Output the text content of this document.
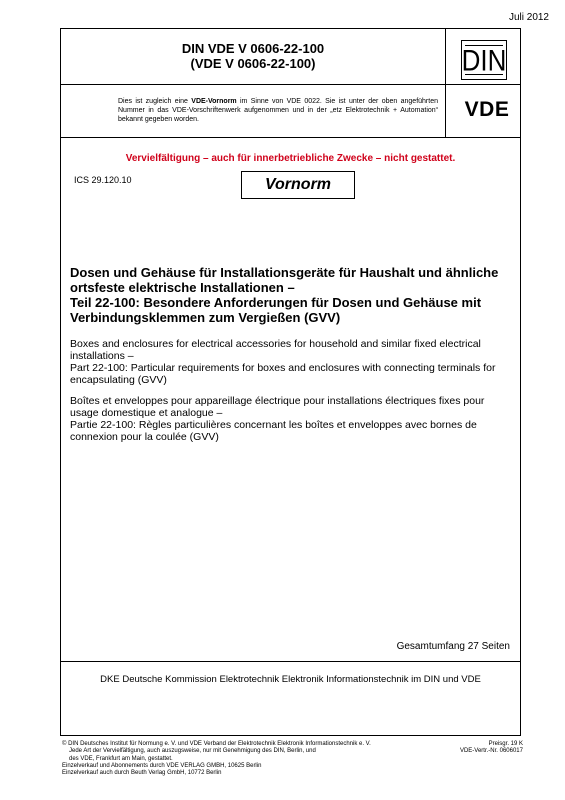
Juli 2012
DIN VDE V 0606-22-100
(VDE V 0606-22-100)	DIN
Dies ist zugleich eine VDE-Vornorm im Sinne von VDE 0022. Sie ist unter der oben angeführten Nummer in das VDE-Vorschriftenwerk aufgenommen und in der „etz Elektrotechnik + Automation“ bekannt gegeben worden.	VDE
Vervielfältigung – auch für innerbetriebliche Zwecke – nicht gestattet.
ICS 29.120.10	Vornorm
Dosen und Gehäuse für Installationsgeräte für Haushalt und ähnliche
ortsfeste elektrische Installationen –
Teil 22-100: Besondere Anforderungen für Dosen und Gehäuse mit
Verbindungsklemmen zum Vergießen (GVV)
Boxes and enclosures for electrical accessories for household and similar fixed electrical
installations –
Part 22-100: Particular requirements for boxes and enclosures with connecting terminals for
encapsulating (GVV)
Boîtes et enveloppes pour appareillage électrique pour installations électriques fixes pour
usage domestique et analogue –
Partie 22-100: Règles particulières concernant les boîtes et enveloppes avec bornes de
connexion pour la coulée (GVV)
Gesamtumfang 27 Seiten
DKE Deutsche Kommission Elektrotechnik Elektronik Informationstechnik im DIN und VDE
© DIN Deutsches Institut für Normung e. V. und VDE Verband der Elektrotechnik Elektronik Informationstechnik e. V.
Jede Art der Vervielfältigung, auch auszugsweise, nur mit Genehmigung des DIN, Berlin, und
des VDE, Frankfurt am Main, gestattet.
Einzelverkauf und Abonnements durch VDE VERLAG GMBH, 10625 Berlin
Einzelverkauf auch durch Beuth Verlag GmbH, 10772 Berlin
Preisgr. 19 K
VDE-Vertr.-Nr. 0606017
